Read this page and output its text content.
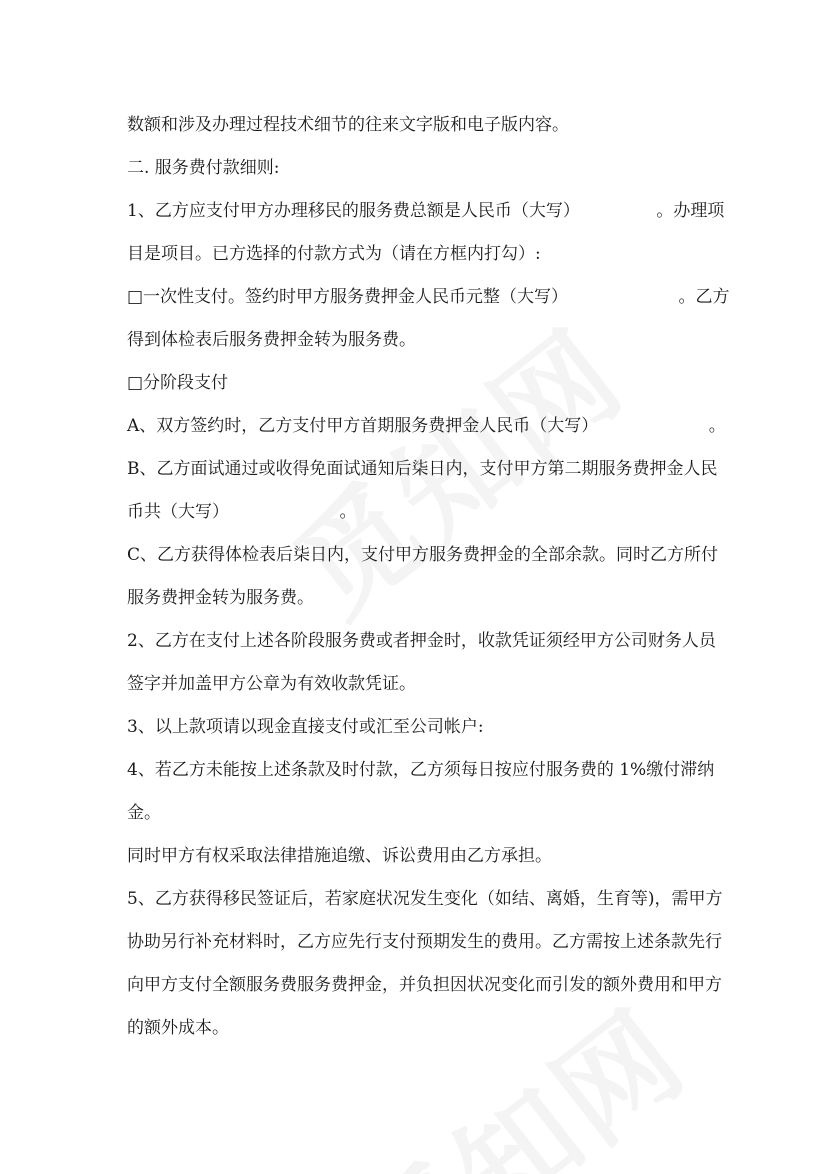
数额和涉及办理过程技术细节的往来文字版和电子版内容。

二. 服务费付款细则:

1、乙方应支付甲方办理移民的服务费总额是人民币（大写）　　　　　。办理项

目是项目。已方选择的付款方式为（请在方框内打勾）:

□一次性支付。签约时甲方服务费押金人民币元整（大写）　　　　　　　。乙方

得到体检表后服务费押金转为服务费。

□分阶段支付

A、双方签约时，乙方支付甲方首期服务费押金人民币（大写）　　　　　　　。

B、乙方面试通过或收得免面试通知后柒日内，支付甲方第二期服务费押金人民

币共（大写）　　　　　　　。

C、乙方获得体检表后柒日内，支付甲方服务费押金的全部余款。同时乙方所付

服务费押金转为服务费。

2、乙方在支付上述各阶段服务费或者押金时，收款凭证须经甲方公司财务人员

签字并加盖甲方公章为有效收款凭证。

3、以上款项请以现金直接支付或汇至公司帐户:

4、若乙方未能按上述条款及时付款，乙方须每日按应付服务费的 1%缴付滞纳

金。

同时甲方有权采取法律措施追缴、诉讼费用由乙方承担。

5、乙方获得移民签证后，若家庭状况发生变化（如结、离婚，生育等)，需甲方

协助另行补充材料时，乙方应先行支付预期发生的费用。乙方需按上述条款先行

向甲方支付全额服务费服务费押金，并负担因状况变化而引发的额外费用和甲方

的额外成本。
